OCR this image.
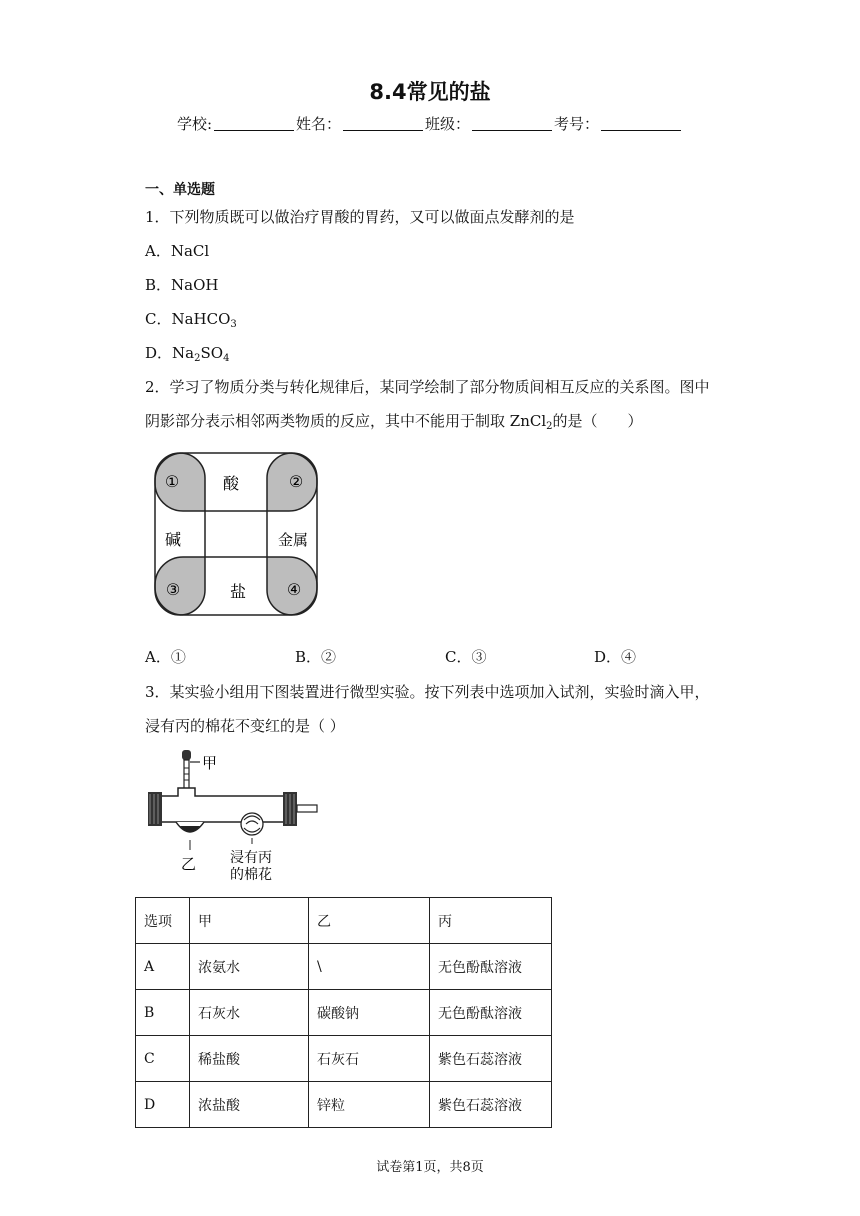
8.4常见的盐
学校:	姓名：	班级：	考号：
一、单选题
1．下列物质既可以做治疗胃酸的胃药，又可以做面点发酵剂的是
A．NaCl
B．NaOH
C．NaHCO$_3$
D．$Na_2SO_4$
2．学习了物质分类与转化规律后，某同学绘制了部分物质间相互反应的关系图。图中
阴影部分表示相邻两类物质的反应，其中不能用于制取 ZnCl$_2$的是（　　）
酸
碱	金属
盐
①	②
③	④
A．①	B．②	C．③	D．④
3．某实验小组用下图装置进行微型实验。按下列表中选项加入试剂，实验时滴入甲，
浸有丙的棉花不变红的是（ ）
甲
乙 浸有丙
的棉花
选项	甲	乙	丙
A	浓氨水	\	无色酚酞溶液
B	石灰水	碳酸钠	无色酚酞溶液
C	稀盐酸	石灰石	紫色石蕊溶液
D	浓盐酸	锌粒	紫色石蕊溶液
试卷第1页，共8页
